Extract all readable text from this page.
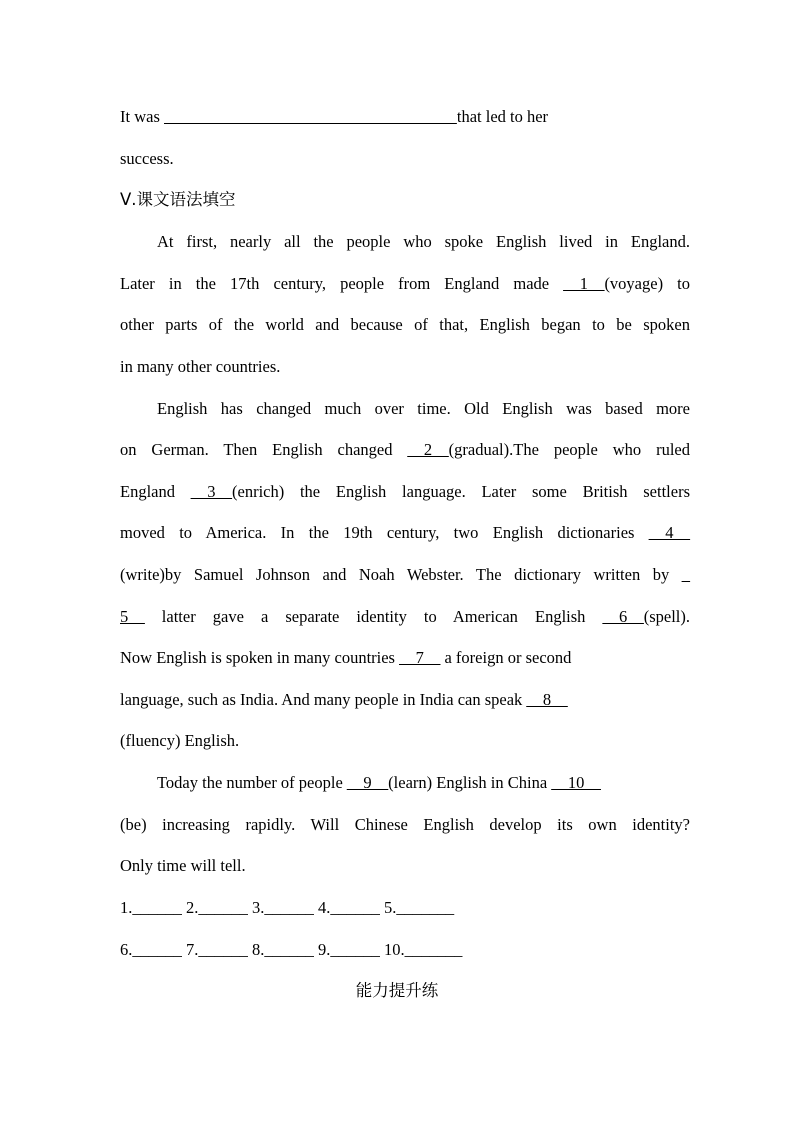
It was	that led to her
success.
Ⅴ.课文语法填空
At first, nearly all the people who spoke English lived in England.
Later in the 17th century, people from England made __1__(voyage) to
other parts of the world and because of that, English began to be spoken
in many other countries.
English has changed much over time. Old English was based more
on German. Then English changed __2__(gradual).The people who ruled
England __3__(enrich) the English language. Later some British settlers
moved to America. In the 19th century, two English dictionaries __4__
(write)by Samuel Johnson and Noah Webster. The dictionary written by _
5__ latter gave a separate identity to American English __6__(spell).
Now English is spoken in many countries __7__ a foreign or second
language, such as India. And many people in India can speak __8__
(fluency) English.
Today the number of people __9__(learn) English in China __10__
(be) increasing rapidly. Will Chinese English develop its own identity?
Only time will tell.
1.______ 2.______ 3.______ 4.______ 5._______
6.______ 7.______ 8.______ 9.______ 10._______
能力提升练
